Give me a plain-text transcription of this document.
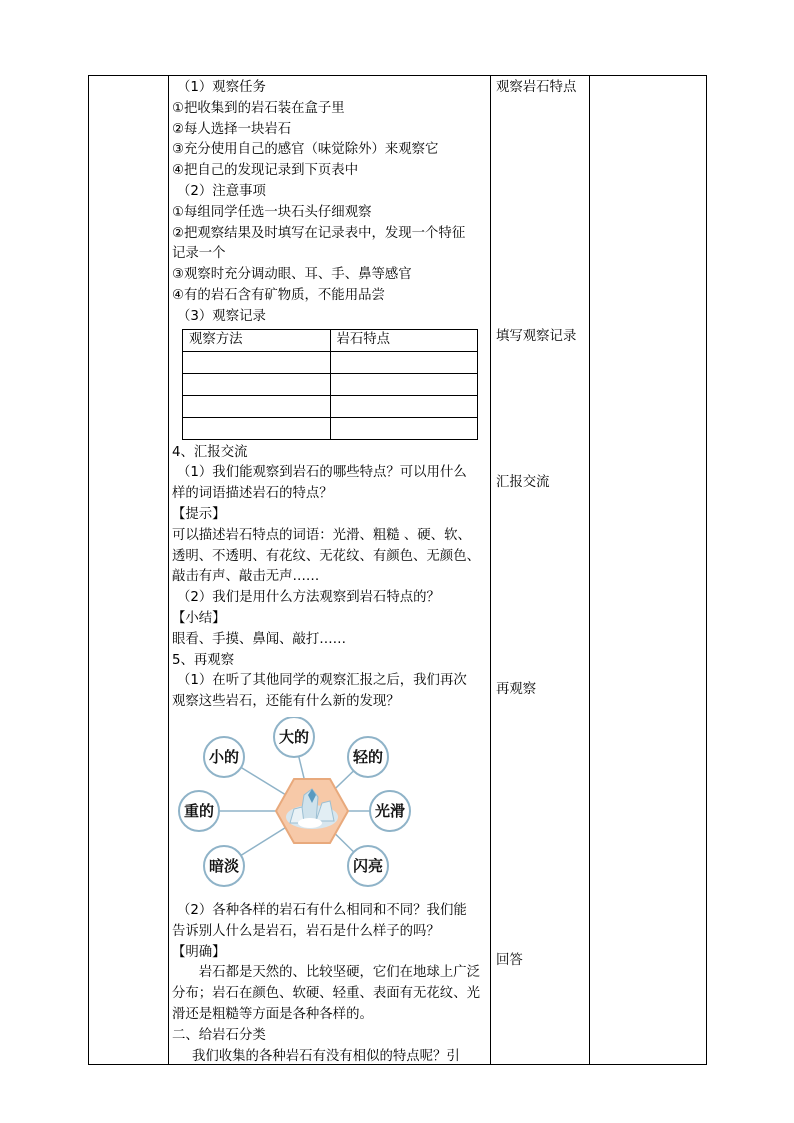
（1）观察任务
①把收集到的岩石装在盒子里
②每人选择一块岩石
③充分使用自己的感官（味觉除外）来观察它
④把自己的发现记录到下页表中
（2）注意事项
①每组同学任选一块石头仔细观察
②把观察结果及时填写在记录表中，发现一个特征
记录一个
③观察时充分调动眼、耳、手、鼻等感官
④有的岩石含有矿物质，不能用品尝
（3）观察记录
观察方法	岩石特点

4、汇报交流
（1）我们能观察到岩石的哪些特点？可以用什么
样的词语描述岩石的特点？
【提示】
可以描述岩石特点的词语：光滑、粗糙 、硬、软、
透明、不透明、有花纹、无花纹、有颜色、无颜色、
敲击有声、敲击无声……
（2）我们是用什么方法观察到岩石特点的？
【小结】
眼看、手摸、鼻闻、敲打……
5、再观察
（1）在听了其他同学的观察汇报之后，我们再次
观察这些岩石，还能有什么新的发现？
大的
轻的
光滑
闪亮
暗淡
重的
小的
（2）各种各样的岩石有什么相同和不同？我们能
告诉别人什么是岩石，岩石是什么样子的吗？
【明确】
岩石都是天然的、比较坚硬，它们在地球上广泛分布；岩石在颜色、软硬、轻重、表面有无花纹、光滑还是粗糙等方面是各种各样的。
二、给岩石分类
我们收集的各种岩石有没有相似的特点呢？引
观察岩石特点
填写观察记录
汇报交流
再观察
回答
